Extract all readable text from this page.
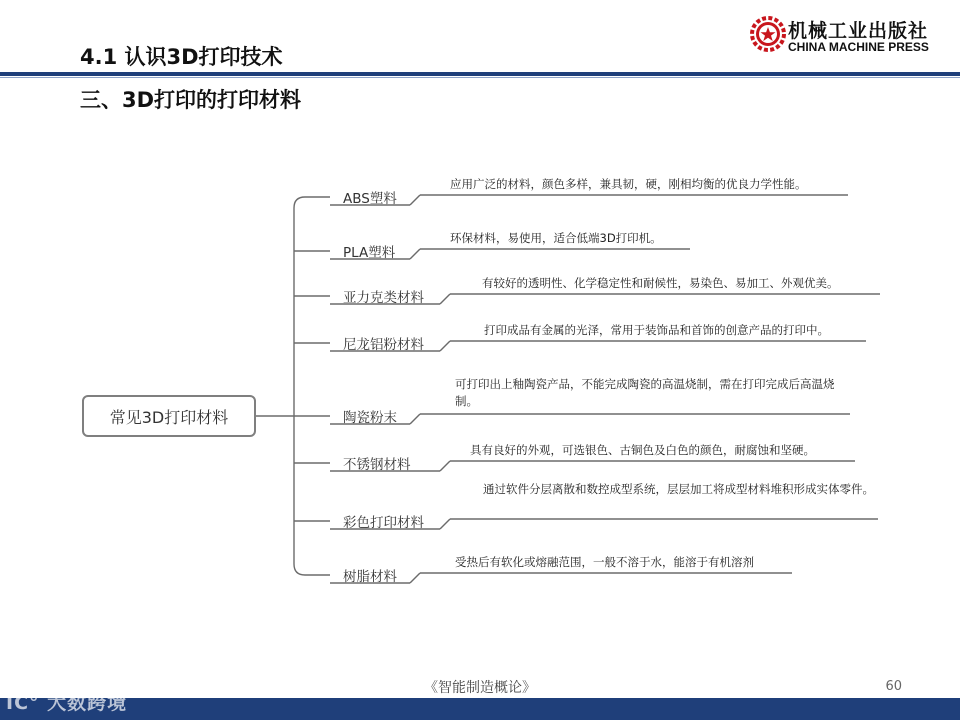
4.1 认识3D打印技术
三、3D打印的打印材料
机械工业出版社
CHINA MACHINE PRESS
常见3D打印材料
ABS塑料
PLA塑料
亚力克类材料
尼龙铝粉材料
陶瓷粉末
不锈钢材料
彩色打印材料
树脂材料
应用广泛的材料，颜色多样，兼具韧，硬，刚相均衡的优良力学性能。
环保材料，易使用，适合低端3D打印机。
有较好的透明性、化学稳定性和耐候性，易染色、易加工、外观优美。
打印成品有金属的光泽，常用于装饰品和首饰的创意产品的打印中。
可打印出上釉陶瓷产品，不能完成陶瓷的高温烧制，需在打印完成后高温烧制。
具有良好的外观，可选银色、古铜色及白色的颜色，耐腐蚀和坚硬。
通过软件分层离散和数控成型系统，层层加工将成型材料堆积形成实体零件。
受热后有软化或熔融范围，一般不溶于水，能溶于有机溶剂
《智能制造概论》	60
IC° 大数跨境
